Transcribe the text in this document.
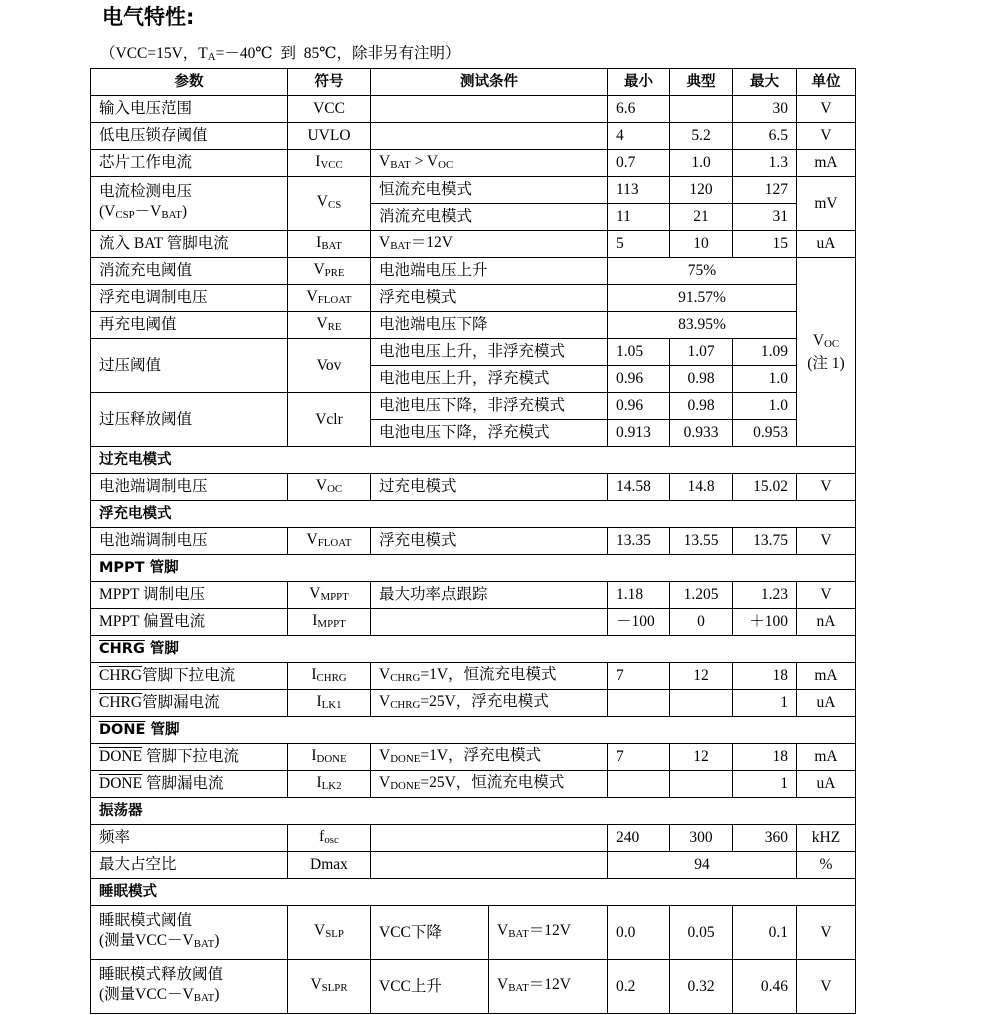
电气特性:
（VCC=15V，$T_A=-40℃$  到  85℃，除非另有注明）
参数	符号	测试条件		最小	典型	最大	单位
输入电压范围	VCC			6.6		30	V
低电压锁存阈值	UVLO			4	5.2	6.5	V
芯片工作电流	$I_{VCC}$	$V_{BAT} > V_{OC}$		0.7	1.0	1.3	mA

电流检测电压
$(V_{CSP}-V_{BAT})$	$V_{CS}$	恒流充电模式		113	120	127	mV
		消流充电模式		11	21	31	
流入 BAT 管脚电流	$I_{BAT}$	$V_{BAT}=12V$		5	10	15	uA
消流充电阈值	$V_{PRE}$	电池端电压上升		75%			$V_{OC}$
(注 1)

浮充电调制电压	$V_{FLOAT}$	浮充电模式		91.57%			
再充电阈值	$V_{RE}$	电池端电压下降		83.95%			
过压阈值	Vov	电池电压上升，非浮充模式		1.05	1.07	1.09	
		电池电压上升，浮充模式		0.96	0.98	1.0	
过压释放阈值	Vclr	电池电压下降，非浮充模式		0.96	0.98	1.0	
		电池电压下降，浮充模式		0.913	0.933	0.953	
过充电模式							
电池端调制电压	$V_{OC}$	过充电模式		14.58	14.8	15.02	V
浮充电模式							
电池端调制电压	$V_{FLOAT}$	浮充电模式		13.35	13.55	13.75	V
MPPT 管脚							
MPPT 调制电压	$V_{MPPT}$	最大功率点跟踪		1.18	1.205	1.23	V
MPPT 偏置电流	$I_{MPPT}$			－100	0	＋100	nA
CHRG 管脚							
CHRG管脚下拉电流	$I_{CHRG}$	$V_{CHRG}=1V$，恒流充电模式		7	12	18	mA
CHRG管脚漏电流	$I_{LK1}$	$V_{CHRG}=25V$，浮充电模式				1	uA
DONE 管脚							
DONE 管脚下拉电流	$I_{DONE}$	$V_{DONE}=1V$，浮充电模式		7	12	18	mA
DONE 管脚漏电流	$I_{LK2}$	$V_{DONE}=25V$，恒流充电模式				1	uA
振荡器							
频率	$f_{osc}$			240	300	360	kHZ
最大占空比	Dmax			94			%
睡眠模式							

睡眠模式阈值
(测量$VCC-V_{BAT}$)	$V_{SLP}$	VCC下降	$V_{BAT}=12V$	0.0	0.05	0.1	V

睡眠模式释放阈值
(测量$VCC-V_{BAT}$)	$V_{SLPR}$	VCC上升	$V_{BAT}=12V$	0.2	0.32	0.46	V
